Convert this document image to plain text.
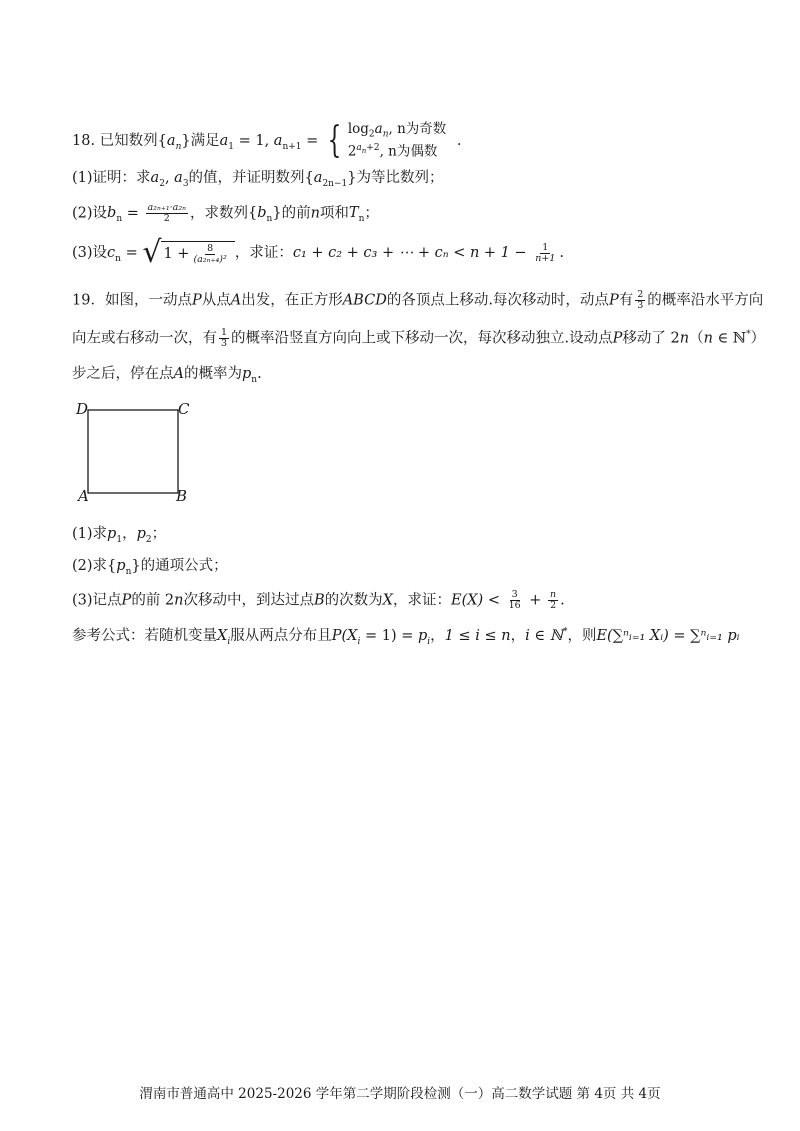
18. 已知数列$\{a_n\}$满足$a_1 = 1$, $a_{n+1}$ = { $\log_2a_n$, n为奇数
$2^{a_n+2}$, n为偶数
.
(1)证明：求$a_2$, $a_3$的值，并证明数列$\{a_{2n-1}\}$为等比数列；
(2)设$b_n = \frac{\text{a₂ₙ₊₁·a₂ₙ}}{2}$ ，求数列$\{b_n\}$的前n项和$T_n$；
(3)设$c_n$ = √ $1 + \frac{8}{\text{(a₂ₙ₊₄)²}}$ ，求证：c₁ + c₂ + c₃ + ⋯ + $c_n < n + 1 - \frac{1}{n+1}$ .
19．如图，一动点P从点A出发，在正方形ABCD的各顶点上移动.每次移动时，动点P有 $\frac{2}{3}$ 的概率沿水平方向
向左或右移动一次，有 $\frac{1}{3}$ 的概率沿竖直方向向上或下移动一次，每次移动独立.设动点P移动了 2n（n ∈ ℕ*）
步之后，停在点A的概率为$p_n$.
D	C
A	B
(1)求$p_1$，$p_2$；
(2)求$\{p_n\}$的通项公式；
(3)记点P的前 2n次移动中，到达过点B的次数为X，求证：$E(X) < \frac{3}{16} + \frac{n}{2}$ .
参考公式：若随机变量$X_i$服从两点分布且$P(X_i = 1) = p_i$，1 ≤ i ≤ n，i ∈ ℕ*，则E(∑ⁿᵢ₌₁ Xᵢ) = ∑ⁿᵢ₌₁ pᵢ
渭南市普通高中 2025-2026 学年第二学期阶段检测（一）高二数学试题 第 4页 共 4页
